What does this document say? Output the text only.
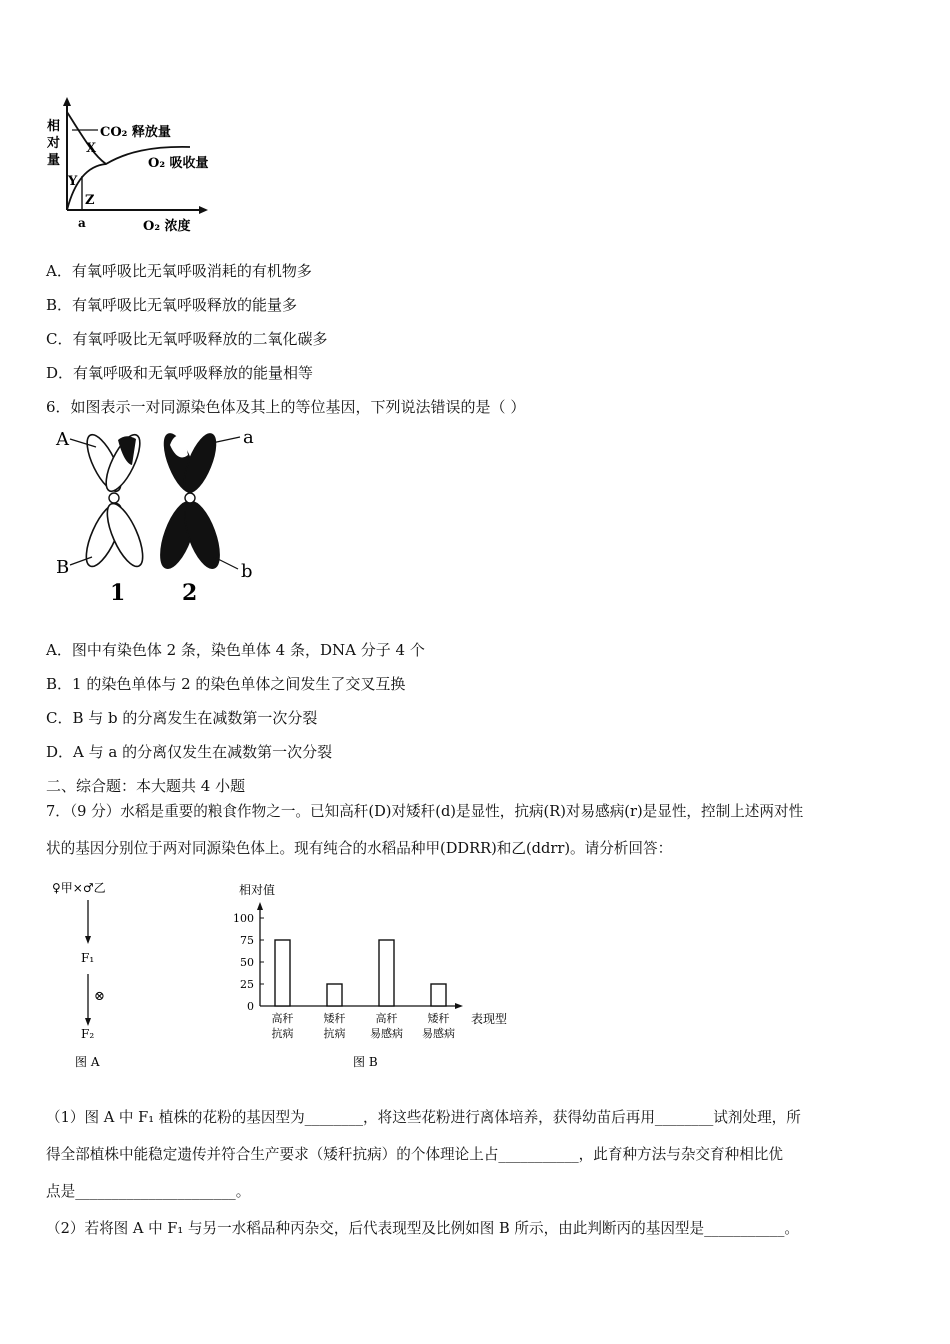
相
对
量
CO₂ 释放量
O₂ 吸收量
X
Y
Z
a	O₂ 浓度
A．有氧呼吸比无氧呼吸消耗的有机物多
B．有氧呼吸比无氧呼吸释放的能量多
C．有氧呼吸比无氧呼吸释放的二氧化碳多
D．有氧呼吸和无氧呼吸释放的能量相等
6．如图表示一对同源染色体及其上的等位基因，下列说法错误的是（ ）
A	a
B	b
1	2
A．图中有染色体 2 条，染色单体 4 条，DNA 分子 4 个
B．1 的染色单体与 2 的染色单体之间发生了交叉互换
C．B 与 b 的分离发生在减数第一次分裂
D．A 与 a 的分离仅发生在减数第一次分裂
二、综合题：本大题共 4 小题
7．（9 分）水稻是重要的粮食作物之一。已知高秆(D)对矮秆(d)是显性，抗病(R)对易感病(r)是显性，控制上述两对性
状的基因分别位于两对同源染色体上。现有纯合的水稻品种甲(DDRR)和乙(ddrr)。请分析回答：
♀甲×♂乙
F₁
⊗
F₂
图 A
相对值
表现型
图 B
0
25
50
75
100
高秆
抗病
矮秆
抗病
高秆
易感病
矮秆
易感病
（1）图 A 中 F₁ 植株的花粉的基因型为________，将这些花粉进行离体培养，获得幼苗后再用________试剂处理，所
得全部植株中能稳定遗传并符合生产要求（矮秆抗病）的个体理论上占___________，此育种方法与杂交育种相比优
点是______________________。
（2）若将图 A 中 F₁ 与另一水稻品种丙杂交，后代表现型及比例如图 B 所示，由此判断丙的基因型是___________。
